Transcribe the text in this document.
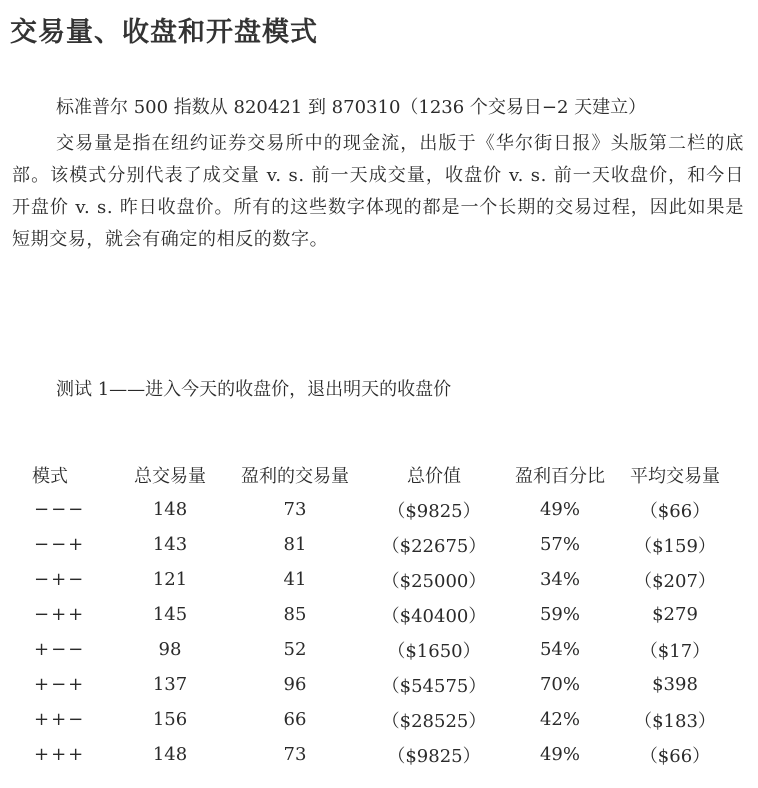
交易量、收盘和开盘模式

标准普尔 500 指数从 820421 到 870310（1236 个交易日−2 天建立）

交易量是指在纽约证券交易所中的现金流，出版于《华尔街日报》头版第二栏的底部。该模式分别代表了成交量 v. s. 前一天成交量，收盘价 v. s. 前一天收盘价，和今日开盘价 v. s. 昨日收盘价。所有的这些数字体现的都是一个长期的交易过程，因此如果是短期交易，就会有确定的相反的数字。

测试 1——进入今天的收盘价，退出明天的收盘价
模式	总交易量	盈利的交易量	总价值	盈利百分比	平均交易量
−−−	148	73	（$9825）	49%	（$66）
−−+	143	81	（$22675）	57%	（$159）
−+−	121	41	（$25000）	34%	（$207）
−++	145	85	（$40400）	59%	$279
+−−	98	52	（$1650）	54%	（$17）
+−+	137	96	（$54575）	70%	$398
++−	156	66	（$28525）	42%	（$183）
+++	148	73	（$9825）	49%	（$66）
